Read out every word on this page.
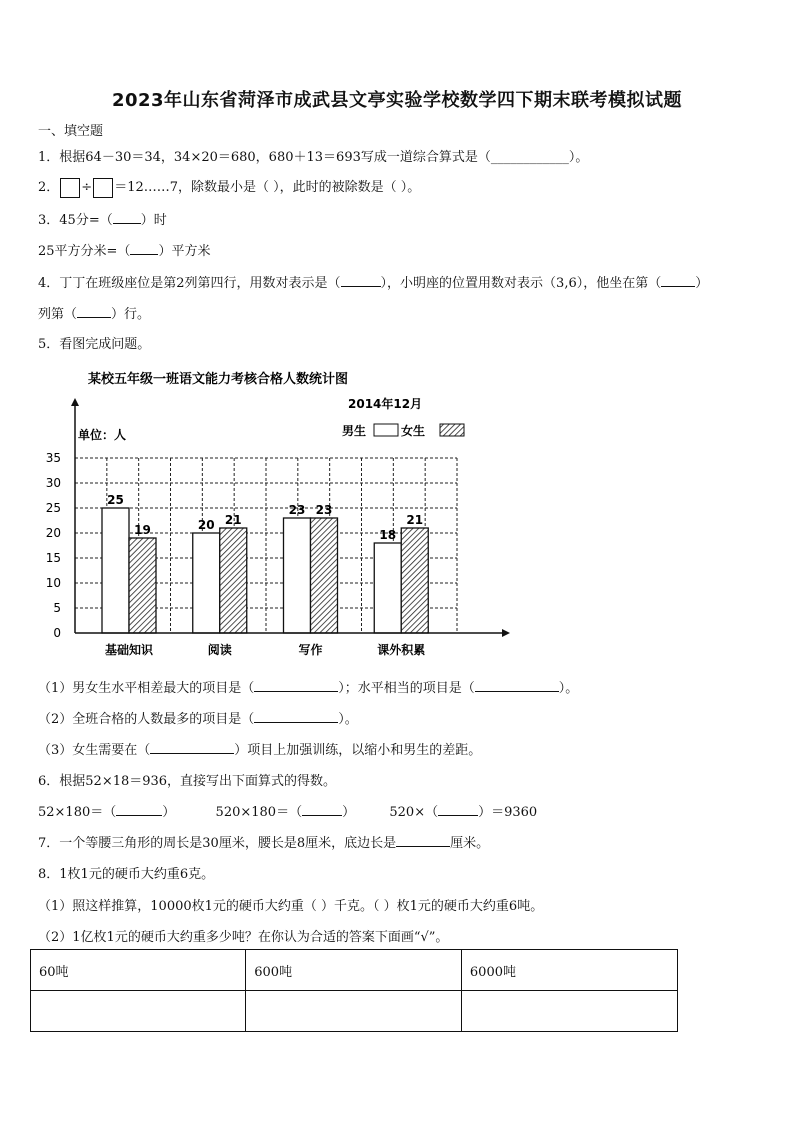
2023年山东省菏泽市成武县文亭实验学校数学四下期末联考模拟试题
一、填空题
1．根据64－30＝34，34×20＝680，680＋13＝693写成一道综合算式是（____________）。
2． ÷ ＝12……7，除数最小是（ ），此时的被除数是（ ）。
3．45分=（ ）时
25平方分米=（ ）平方米
4．丁丁在班级座位是第2列第四行，用数对表示是（	），小明座的位置用数对表示（3,6），他坐在第（	）
列第（	）行。
5．看图完成问题。
某校五年级一班语文能力考核合格人数统计图
2014年12月
单位：人	男生	女生
0
5
10
15
20
25
30
35
25
19
基础知识
20 21
阅读
23 23
写作
18
21
课外积累
（1）男女生水平相差最大的项目是（	）；水平相当的项目是（	）。
（2）全班合格的人数最多的项目是（	）。
（3）女生需要在（	）项目上加强训练，以缩小和男生的差距。
6．根据52×18＝936，直接写出下面算式的得数。
52×180＝（	）	520×180＝（	）	520×（	）＝9360
7．一个等腰三角形的周长是30厘米，腰长是8厘米，底边长是	厘米。
8．1枚1元的硬币大约重6克。
（1）照这样推算，10000枚1元的硬币大约重（ ）千克。（ ）枚1元的硬币大约重6吨。
（2）1亿枚1元的硬币大约重多少吨？在你认为合适的答案下面画“√”。
60吨	600吨	6000吨
